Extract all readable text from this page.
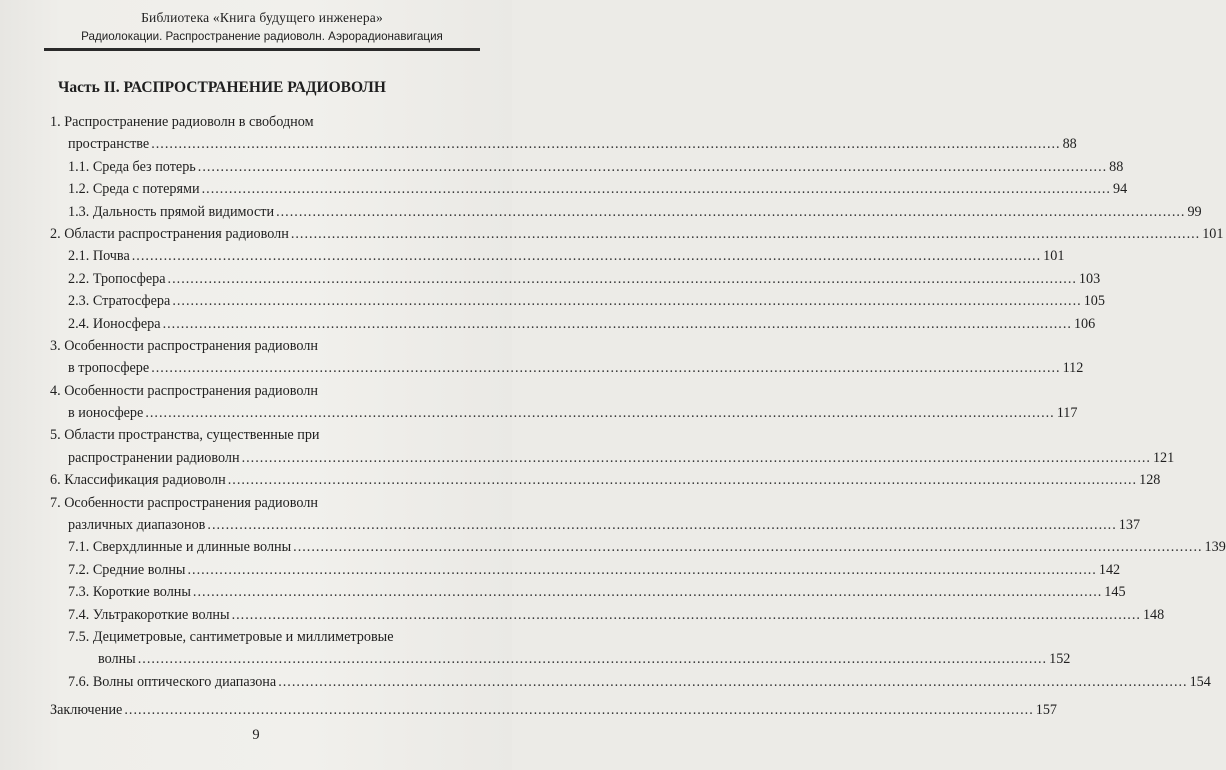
Библиотека «Книга будущего инженера»
Радиолокации. Распространение радиоволн. Аэрорадионавигация
Часть II. РАСПРОСТРАНЕНИЕ РАДИОВОЛН
1. Распространение радиоволн в свободном
пространстве ........................................................................................................................................................................................................ 88
1.1. Среда без потерь ........................................................................................................................................................................................................ 88
1.2. Среда с потерями ........................................................................................................................................................................................................ 94
1.3. Дальность прямой видимости ........................................................................................................................................................................................................ 99
2. Области распространения радиоволн ........................................................................................................................................................................................................ 101
2.1. Почва ........................................................................................................................................................................................................ 101
2.2. Тропосфера ........................................................................................................................................................................................................ 103
2.3. Стратосфера ........................................................................................................................................................................................................ 105
2.4. Ионосфера ........................................................................................................................................................................................................ 106
3. Особенности распространения радиоволн
в тропосфере ........................................................................................................................................................................................................ 112
4. Особенности распространения радиоволн
в ионосфере ........................................................................................................................................................................................................ 117
5. Области пространства, существенные при
распространении радиоволн ........................................................................................................................................................................................................ 121
6. Классификация радиоволн ........................................................................................................................................................................................................ 128
7. Особенности распространения радиоволн
различных диапазонов ........................................................................................................................................................................................................ 137
7.1. Сверхдлинные и длинные волны ........................................................................................................................................................................................................ 139
7.2. Средние волны ........................................................................................................................................................................................................ 142
7.3. Короткие волны ........................................................................................................................................................................................................ 145
7.4. Ультракороткие волны ........................................................................................................................................................................................................ 148
7.5. Дециметровые, сантиметровые и миллиметровые
волны ........................................................................................................................................................................................................ 152
7.6. Волны оптического диапазона ........................................................................................................................................................................................................ 154
Заключение ........................................................................................................................................................................................................ 157
9
